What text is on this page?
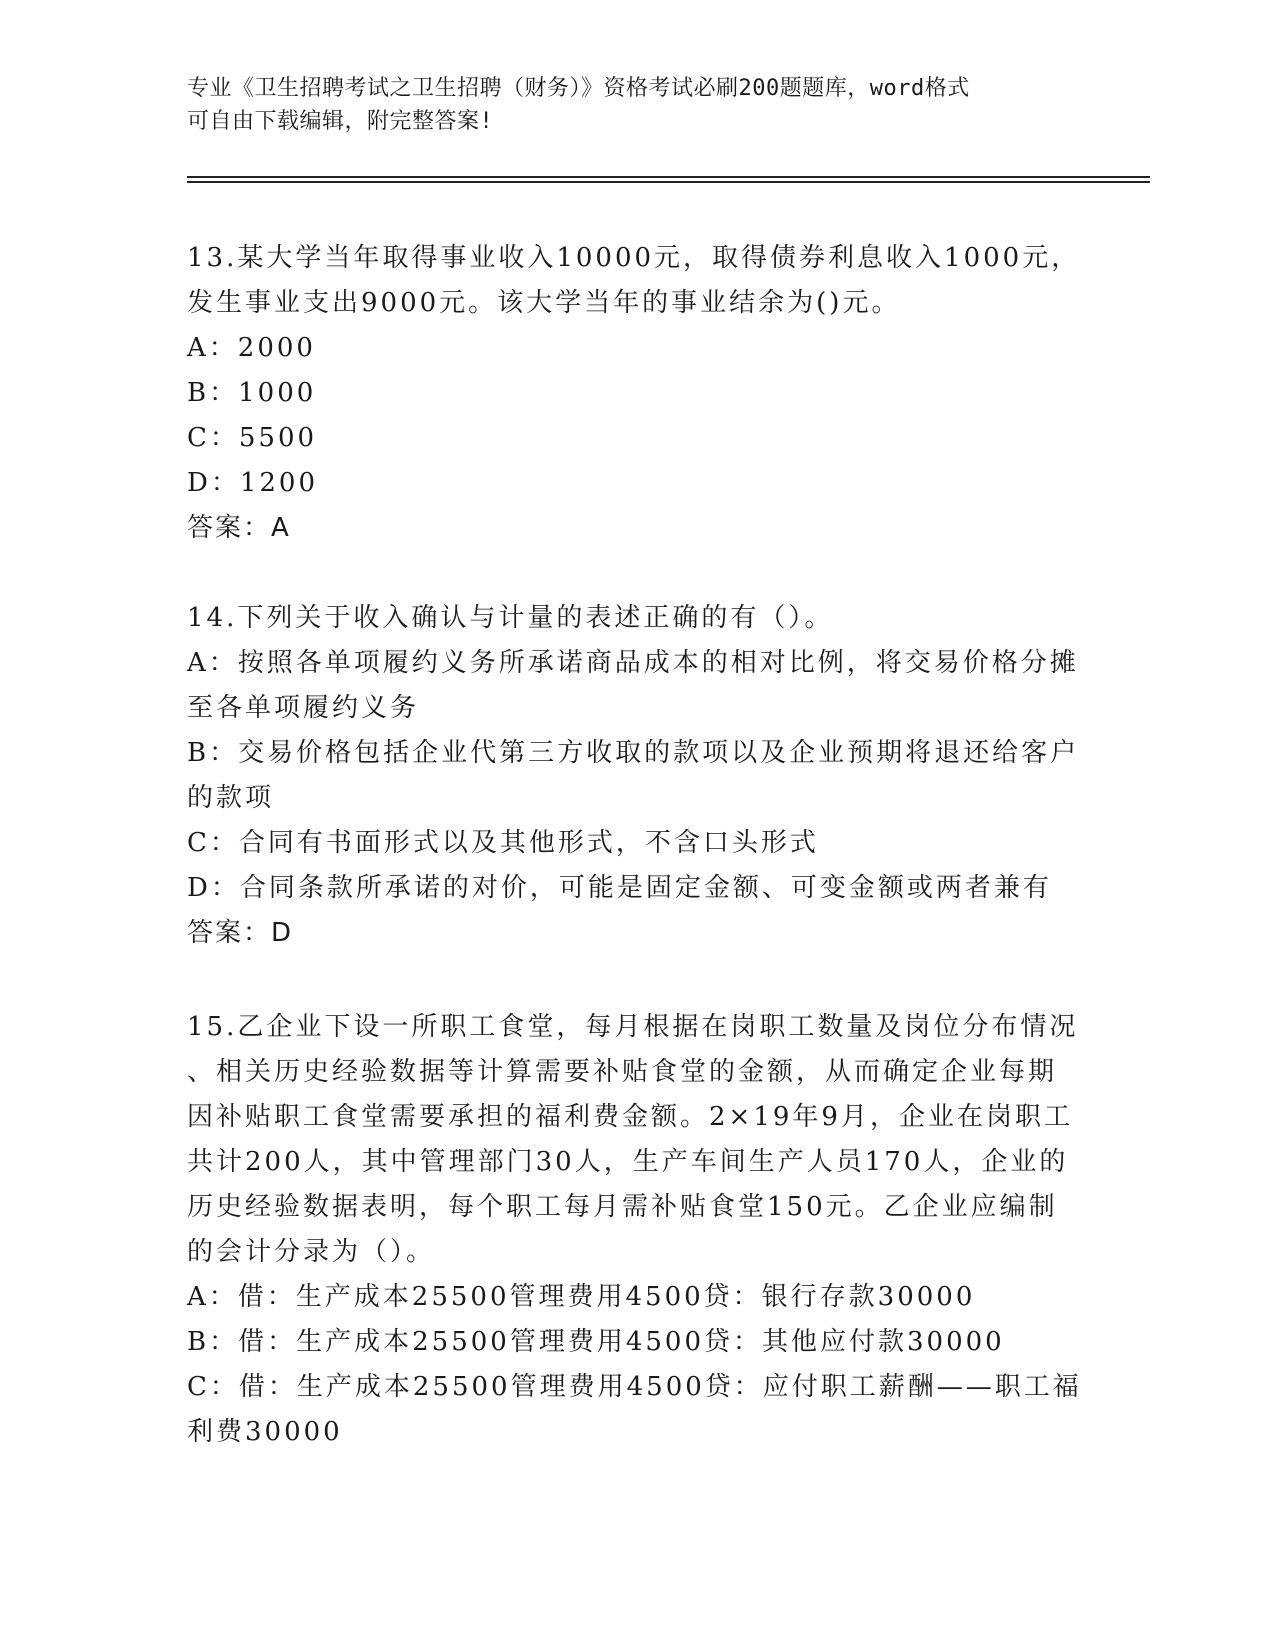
专业《卫生招聘考试之卫生招聘（财务）》资格考试必刷200题题库，word格式
可自由下载编辑，附完整答案!

13.某大学当年取得事业收入10000元，取得债券利息收入1000元，

发生事业支出9000元。该大学当年的事业结余为()元。

A：2000

B：1000

C：5500

D：1200

答案：A

14.下列关于收入确认与计量的表述正确的有（）。

A：按照各单项履约义务所承诺商品成本的相对比例，将交易价格分摊

至各单项履约义务

B：交易价格包括企业代第三方收取的款项以及企业预期将退还给客户

的款项

C：合同有书面形式以及其他形式，不含口头形式

D：合同条款所承诺的对价，可能是固定金额、可变金额或两者兼有

答案：D

15.乙企业下设一所职工食堂，每月根据在岗职工数量及岗位分布情况

、相关历史经验数据等计算需要补贴食堂的金额，从而确定企业每期

因补贴职工食堂需要承担的福利费金额。2×19年9月，企业在岗职工

共计200人，其中管理部门30人，生产车间生产人员170人，企业的

历史经验数据表明，每个职工每月需补贴食堂150元。乙企业应编制

的会计分录为（）。

A：借：生产成本25500管理费用4500贷：银行存款30000

B：借：生产成本25500管理费用4500贷：其他应付款30000

C：借：生产成本25500管理费用4500贷：应付职工薪酬——职工福

利费30000
